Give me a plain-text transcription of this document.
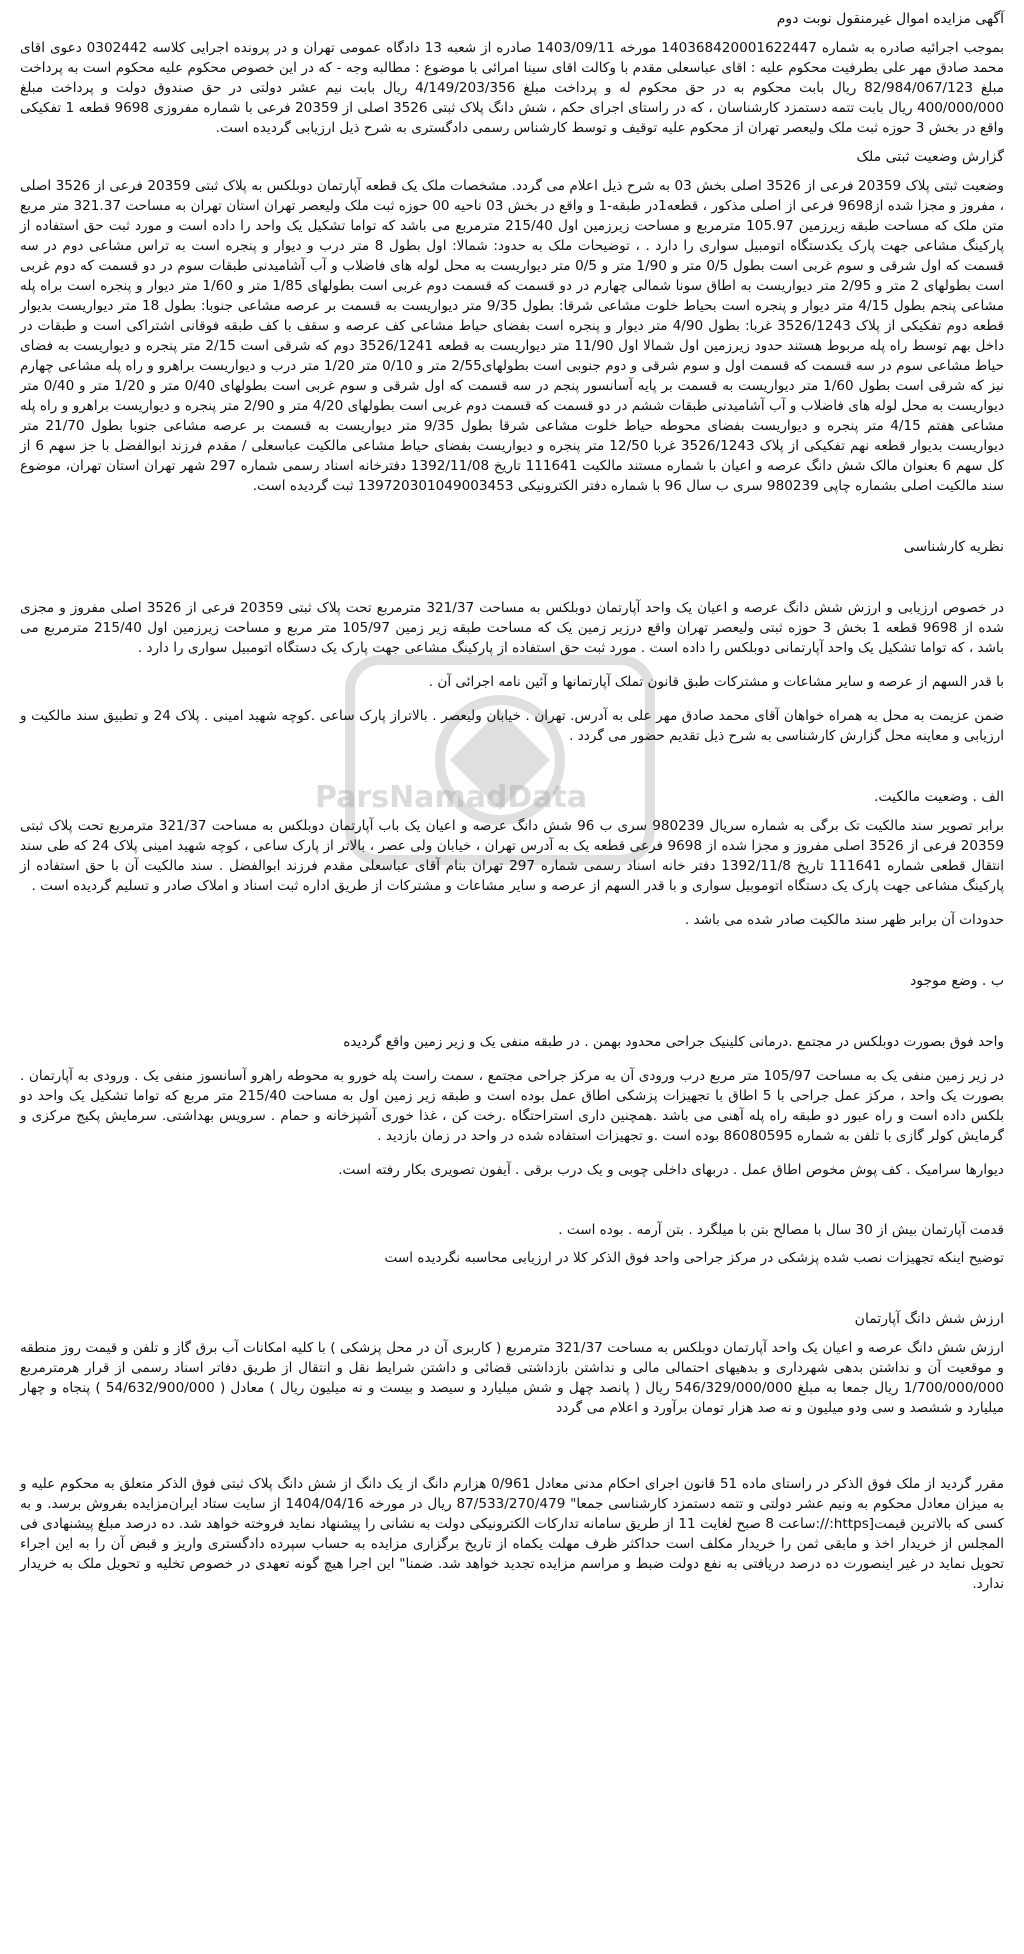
ParsNamadData

آگهی مزایده اموال غیرمنقول نوبت دوم

بموجب اجرائیه صادره به شماره 140368420001622447 مورخه 1403/09/11 صادره از شعبه 13 دادگاه عمومی تهران و در پرونده اجرایی کلاسه 0302442 دعوی اقای محمد صادق مهر علی بطرفیت محکوم علیه : اقای عباسعلی مقدم با وکالت اقای سینا امرائی با موضوع : مطالبه وجه - که در این خصوص محکوم علیه محکوم است به پرداخت مبلغ 82/984/067/123 ریال بابت محکوم به در حق محکوم له و پرداخت مبلغ 4/149/203/356 ریال بابت نیم عشر دولتی در حق صندوق دولت و پرداخت مبلغ 400/000/000 ریال بابت تتمه دستمزد کارشناسان ، که در راستای اجرای حکم ، شش دانگ پلاک ثبتی 3526 اصلی از 20359 فرعی با شماره مفروزی 9698 قطعه 1 تفکیکی واقع در بخش 3 حوزه ثبت ملک ولیعصر تهران از محکوم علیه توقیف و توسط کارشناس رسمی دادگستری به شرح ذیل ارزیابی گردیده است.

گزارش وضعیت ثبتی ملک

وضعیت ثبتی پلاک 20359 فرعی از 3526 اصلی بخش 03 به شرح ذیل اعلام می گردد. مشخصات ملک یک قطعه آپارتمان دوبلکس به پلاک ثبتی 20359 فرعی از 3526 اصلی ، مفروز و مجزا شده از9698 فرعی از اصلی مذکور ، قطعه1در طبقه-1 و واقع در بخش 03 ناحیه 00 حوزه ثبت ملک ولیعصر تهران استان تهران به مساحت 321.37 متر مربع متن ملک که مساحت طبقه زیرزمین 105.97 مترمربع و مساحت زیرزمین اول 215/40 مترمربع می باشد که تواما تشکیل یک واحد را داده است و مورد ثبت حق استفاده از پارکینگ مشاعی جهت پارک یکدستگاه اتومبیل سواری را دارد . ، توضیحات ملک به حدود: شمالا: اول بطول 8 متر درب و دیوار و پنجره است به تراس مشاعی دوم در سه قسمت که اول شرقی و سوم غربی است بطول 0/5 متر و 1/90 متر و 0/5 متر دیواریست به محل لوله های فاضلاب و آب آشامیدنی طبقات سوم در دو قسمت که دوم غربی است بطولهای 2 متر و 2/95 متر دیواریست به اطاق سونا شمالی چهارم در دو قسمت که قسمت دوم غربی است بطولهای 1/85 متر و 1/60 متر دیوار و پنجره است براه پله مشاعی پنجم بطول 4/15 متر دیوار و پنجره است بحیاط خلوت مشاعی شرقا: بطول 9/35 متر دیواریست به قسمت بر عرصه مشاعی جنوبا: بطول 18 متر دیواریست بدیوار قطعه دوم تفکیکی از پلاک 3526/1243 غربا: بطول 4/90 متر دیوار و پنجره است بفضای حیاط مشاعی کف عرصه و سقف با کف طبقه فوقانی اشتراکی است و طبقات در داخل بهم توسط راه پله مربوط هستند حدود زیرزمین اول شمالا اول 11/90 متر دیواریست به قطعه 3526/1241 دوم که شرقی است 2/15 متر پنجره و دیواریست به فضای حیاط مشاعی سوم در سه قسمت که قسمت اول و سوم شرقی و دوم جنوبی است بطولهای2/55 متر و 0/10 متر 1/20 متر درب و دیواریست براهرو و راه پله مشاعی چهارم نیز که شرقی است بطول 1/60 متر دیواریست به قسمت بر پایه آسانسور پنجم در سه قسمت که اول شرقی و سوم غربی است بطولهای 0/40 متر و 1/20 متر و 0/40 متر دیواریست به محل لوله های فاضلاب و آب آشامیدنی طبقات ششم در دو قسمت که قسمت دوم غربی است بطولهای 4/20 متر و 2/90 متر پنجره و دیواریست براهرو و راه پله مشاعی هفتم 4/15 متر پنجره و دیواریست بفضای محوطه حیاط خلوت مشاعی شرقا بطول 9/35 متر دیواریست به قسمت بر عرصه مشاعی جنوبا بطول 21/70 متر دیواریست بدیوار قطعه نهم تفکیکی از پلاک 3526/1243 غربا 12/50 متر پنجره و دیواریست بفضای حیاط مشاعی مالکیت عباسعلی / مقدم فرزند ابوالفضل با جز سهم 6 از کل سهم 6 بعنوان مالک شش دانگ عرصه و اعیان با شماره مستند مالکیت 111641 تاریخ 1392/11/08 دفترخانه اسناد رسمی شماره 297 شهر تهران استان تهران، موضوع سند مالکیت اصلی بشماره چاپی 980239 سری ب سال 96 با شماره دفتر الکترونیکی 139720301049003453 ثبت گردیده است.

نظریه کارشناسی

در خصوص ارزیابی و ارزش شش دانگ عرصه و اعیان یک واحد آپارتمان دوبلکس به مساحت 321/37 مترمربع تحت پلاک ثبتی 20359 فرعی از 3526 اصلی مفروز و مجزی شده از 9698 قطعه 1 بخش 3 حوزه ثبتی ولیعصر تهران واقع درزیر زمین یک که مساحت طبقه زیر زمین 105/97 متر مربع و مساحت زیرزمین اول 215/40 مترمربع می باشد ، که تواما تشکیل یک واحد آپارتمانی دوبلکس را داده است . مورد ثبت حق استفاده از پارکینگ مشاعی جهت پارک یک دستگاه اتومبیل سواری را دارد .

با قدر السهم از عرصه و سایر مشاعات و مشترکات طبق قانون تملک آپارتمانها و آئین نامه اجرائی آن .

ضمن عزیمت به محل به همراه خواهان آقای محمد صادق مهر علی به آدرس. تهران . خیابان ولیعصر . بالاتراز پارک ساعی .کوچه شهید امینی . پلاک 24 و تطبیق سند مالکیت و ارزیابی و معاینه محل گزارش کارشناسی به شرح ذیل تقدیم حضور می گردد .

الف . وضعیت مالکیت.

برابر تصویر سند مالکیت تک برگی به شماره سریال 980239 سری ب 96 شش دانگ عرصه و اعیان یک باب آپارتمان دوبلکس به مساحت 321/37 مترمربع تحت پلاک ثبتی 20359 فرعی از 3526 اصلی مفروز و مجزا شده از 9698 فرعی قطعه یک به آدرس تهران ، خیابان ولی عصر ، بالاتر از پارک ساعی ، کوچه شهید امینی پلاک 24 که طی سند انتقال قطعی شماره 111641 تاریخ 1392/11/8 دفتر خانه اسناد رسمی شماره 297 تهران بنام آقای عباسعلی مقدم فرزند ابوالفضل . سند مالکیت آن با حق استفاده از پارکینگ مشاعی جهت پارک یک دستگاه اتوموبیل سواری و با قدر السهم از عرصه و سایر مشاعات و مشترکات از طریق اداره ثبت اسناد و املاک صادر و تسلیم گردیده است .

حدودات آن برابر ظهر سند مالکیت صادر شده می باشد .

ب . وضع موجود

واحد فوق بصورت دوبلکس در مجتمع .درمانی کلینیک جراحی محدود بهمن . در طبقه منفی یک و زیر زمین واقع گردیده

در زیر زمین منفی یک به مساحت 105/97 متر مربع درب ورودی آن به مرکز جراحی مجتمع ، سمت راست پله خورو به محوطه راهرو آسانسوز منفی یک . ورودی به آپارتمان . بصورت یک واحد ، مرکز عمل جراحی با 5 اطاق با تجهیزات پزشکی اطاق عمل بوده است و طبقه زیر زمین اول به مساحت 215/40 متر مربع که تواما تشکیل یک واحد دو بلکس داده است و راه عبور دو طبقه راه پله آهنی می باشد .همچنین داری استراحتگاه .رخت کن ، غذا خوری آشپزخانه و حمام . سرویس بهداشتی. سرمایش پکیج مرکزی و گرمایش کولر گازی با تلفن به شماره 86080595 بوده است .و تجهیزات استفاده شده در واحد در زمان بازدید .

دیوارها سرامیک . کف پوش مخوص اطاق عمل . دربهای داخلی چوبی و یک درب برقی . آیفون تصویری بکار رفته است.

قدمت آپارتمان بیش از 30 سال با مصالح بتن با میلگرد . بتن آرمه . بوده است .

توضیح اینکه تجهیزات نصب شده پزشکی در مرکز جراحی واحد فوق الذکر کلا در ارزیابی محاسبه نگردیده است

ارزش شش دانگ آپارتمان

ارزش شش دانگ عرصه و اعیان یک واحد آپارتمان دوبلکس به مساحت 321/37 مترمربع ( کاربری آن در محل پزشکی ) با کلیه امکانات آب برق گاز و تلفن و قیمت روز منطقه و موقعیت آن و نداشتن بدهی شهرداری و بدهیهای احتمالی مالی و نداشتن بازداشتی قضائی و داشتن شرایط نقل و انتقال از طریق دفاتر اسناد رسمی از قرار هرمترمربع 1/700/000/000 ریال جمعا به مبلغ 546/329/000/000 ریال ( پانصد چهل و شش میلیارد و سیصد و بیست و نه میلیون ریال ) معادل ( 54/632/900/000 ) پنجاه و چهار میلیارد و ششصد و سی ودو میلیون و نه صد هزار تومان برآورد و اعلام می گردد

مقرر گردید از ملک فوق الذکر در راستای ماده 51 قانون اجرای احکام مدنی معادل 0/961 هزارم دانگ از یک دانگ از شش دانگ پلاک ثبتی فوق الذکر متعلق به محکوم علیه و به میزان معادل محکوم به ونیم عشر دولتی و تتمه دستمزد کارشناسی جمعا" 87/533/270/479 ریال در مورخه 1404/04/16 از سایت ستاد ایران‌مزایده بفروش برسد. و به کسی که بالاترین قیمت[https://:ساعت 8 صبح لغایت 11 از طریق سامانه تدارکات الکترونیکی دولت به نشانی را پیشنهاد نماید فروخته خواهد شد. ده درصد مبلغ پیشنهادی فی المجلس از خریدار اخذ و مابقی ثمن را خریدار مکلف است حداکثر ظرف مهلت یکماه از تاریخ برگزاری مزایده به حساب سپرده دادگستری واریز و قبض آن را به این اجراء تحویل نماید در غیر اینصورت ده درصد دریافتی به نفع دولت ضبط و مراسم مزایده تجدید خواهد شد. ضمنا" این اجرا هیچ گونه تعهدی در خصوص تخلیه و تحویل ملک به خریدار ندارد.
